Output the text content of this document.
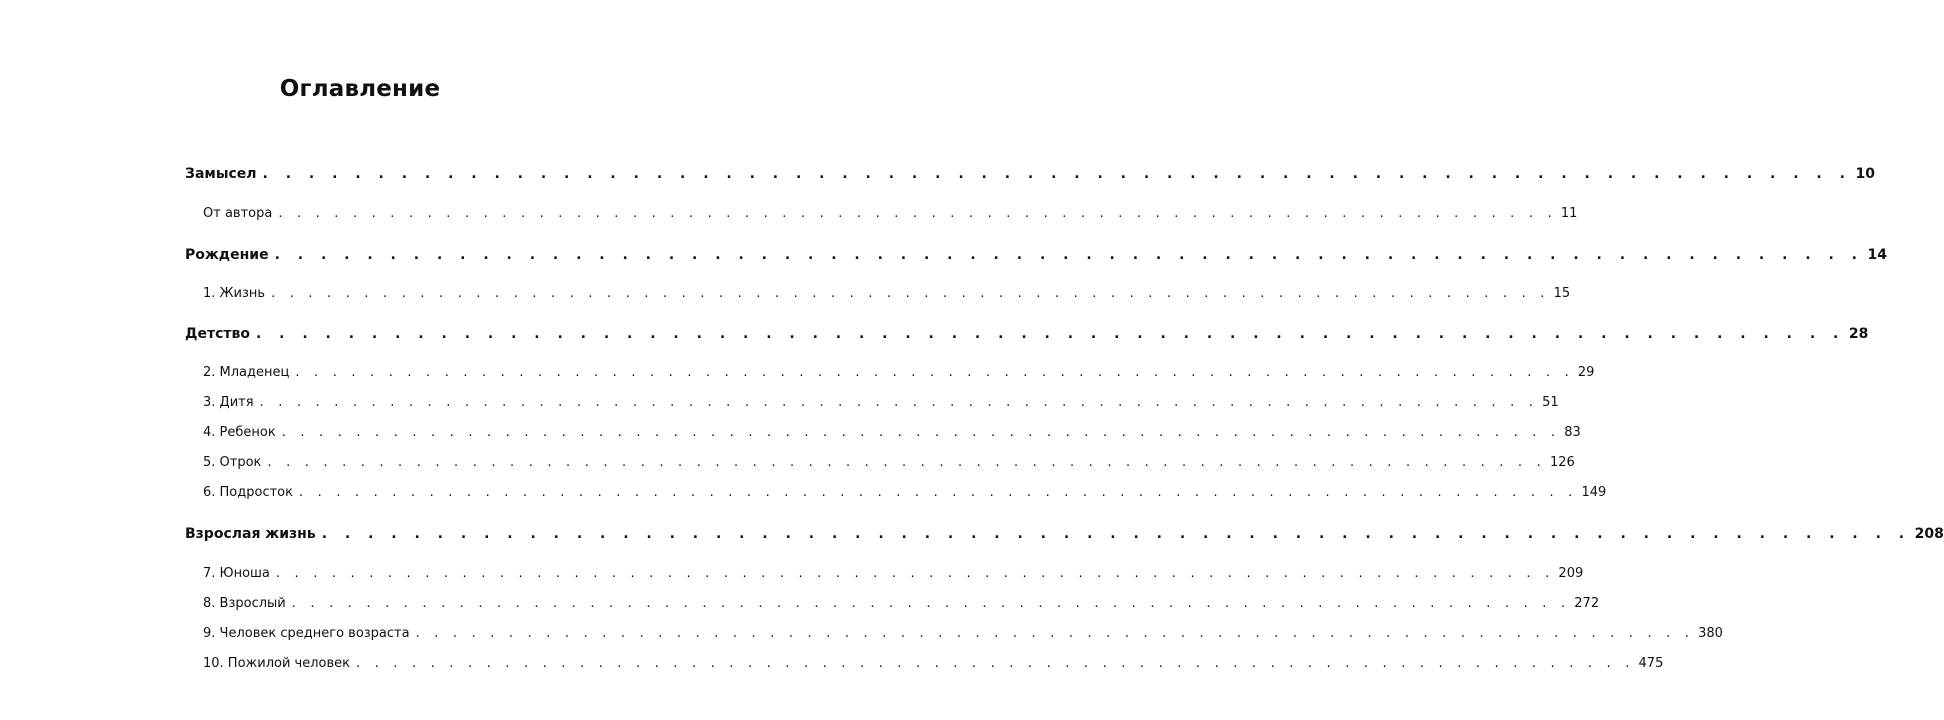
Оглавление
Замысел . . . . . . . . . . . . . . . . . . . . . . . . . . . . . . . . . . . . . . . . . . . . . . . . . . . . . . . . . . . . . . . . . . . . . 10
От автора . . . . . . . . . . . . . . . . . . . . . . . . . . . . . . . . . . . . . . . . . . . . . . . . . . . . . . . . . . . . . . . . . . . . . 11
Рождение . . . . . . . . . . . . . . . . . . . . . . . . . . . . . . . . . . . . . . . . . . . . . . . . . . . . . . . . . . . . . . . . . . . . . 14
1. Жизнь . . . . . . . . . . . . . . . . . . . . . . . . . . . . . . . . . . . . . . . . . . . . . . . . . . . . . . . . . . . . . . . . . . . . . 15
Детство . . . . . . . . . . . . . . . . . . . . . . . . . . . . . . . . . . . . . . . . . . . . . . . . . . . . . . . . . . . . . . . . . . . . . 28
2. Младенец . . . . . . . . . . . . . . . . . . . . . . . . . . . . . . . . . . . . . . . . . . . . . . . . . . . . . . . . . . . . . . . . . . . . . 29
3. Дитя . . . . . . . . . . . . . . . . . . . . . . . . . . . . . . . . . . . . . . . . . . . . . . . . . . . . . . . . . . . . . . . . . . . . . 51
4. Ребенок . . . . . . . . . . . . . . . . . . . . . . . . . . . . . . . . . . . . . . . . . . . . . . . . . . . . . . . . . . . . . . . . . . . . . 83
5. Отрок . . . . . . . . . . . . . . . . . . . . . . . . . . . . . . . . . . . . . . . . . . . . . . . . . . . . . . . . . . . . . . . . . . . . . 126
6. Подросток . . . . . . . . . . . . . . . . . . . . . . . . . . . . . . . . . . . . . . . . . . . . . . . . . . . . . . . . . . . . . . . . . . . . . 149
Взрослая жизнь . . . . . . . . . . . . . . . . . . . . . . . . . . . . . . . . . . . . . . . . . . . . . . . . . . . . . . . . . . . . . . . . . . . . . 208
7. Юноша . . . . . . . . . . . . . . . . . . . . . . . . . . . . . . . . . . . . . . . . . . . . . . . . . . . . . . . . . . . . . . . . . . . . . 209
8. Взрослый . . . . . . . . . . . . . . . . . . . . . . . . . . . . . . . . . . . . . . . . . . . . . . . . . . . . . . . . . . . . . . . . . . . . . 272
9. Человек среднего возраста . . . . . . . . . . . . . . . . . . . . . . . . . . . . . . . . . . . . . . . . . . . . . . . . . . . . . . . . . . . . . . . . . . . . . 380
10. Пожилой человек . . . . . . . . . . . . . . . . . . . . . . . . . . . . . . . . . . . . . . . . . . . . . . . . . . . . . . . . . . . . . . . . . . . . . 475
